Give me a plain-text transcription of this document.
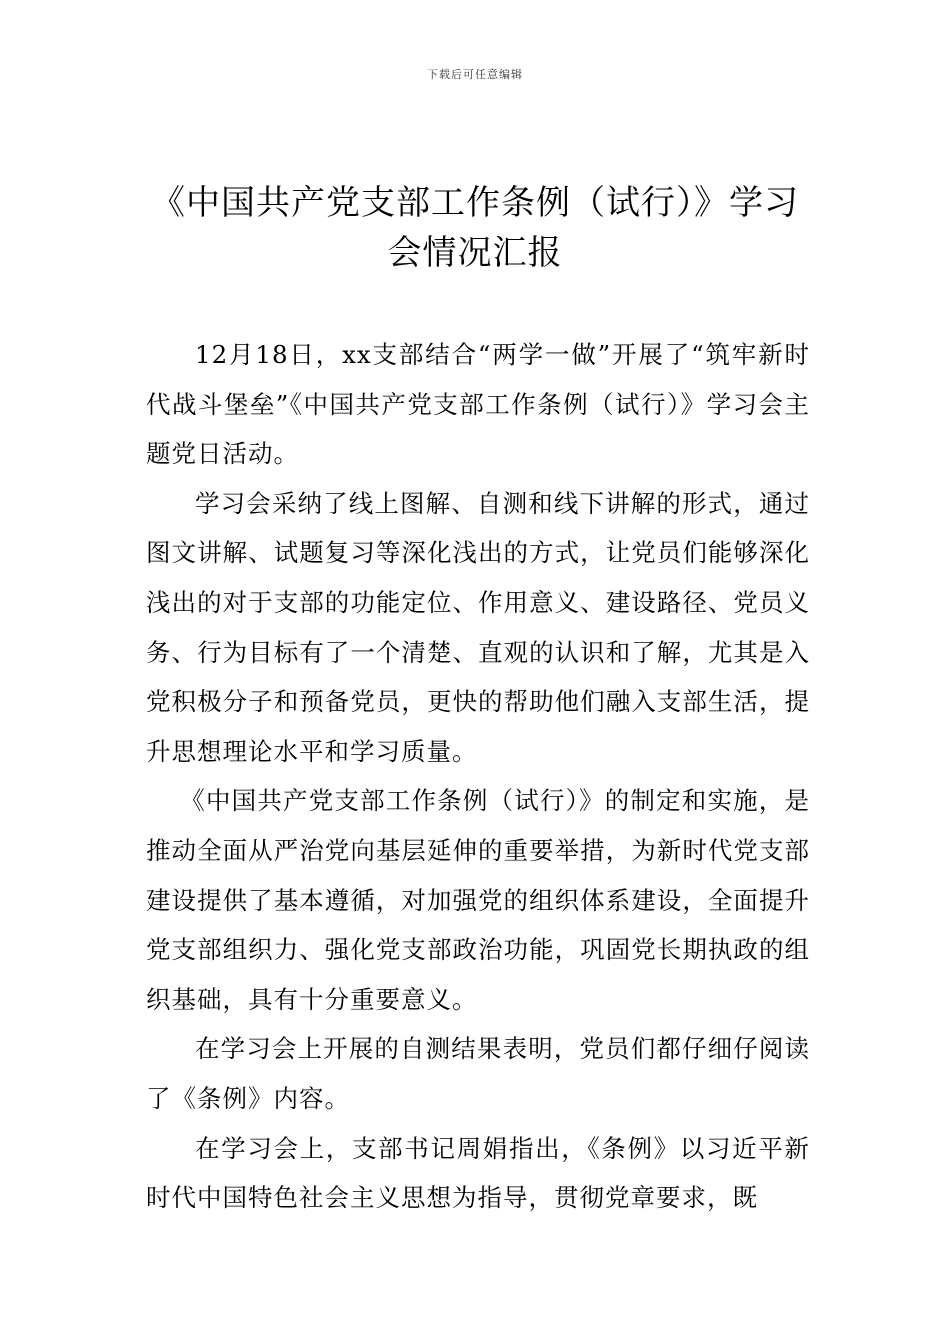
下载后可任意编辑
《中国共产党支部工作条例（试行）》学习会情况汇报

12月18日，xx支部结合“两学一做”开展了“筑牢新时代战斗堡垒”《中国共产党支部工作条例（试行）》学习会主题党日活动。

学习会采纳了线上图解、自测和线下讲解的形式，通过图文讲解、试题复习等深化浅出的方式，让党员们能够深化浅出的对于支部的功能定位、作用意义、建设路径、党员义务、行为目标有了一个清楚、直观的认识和了解，尤其是入党积极分子和预备党员，更快的帮助他们融入支部生活，提升思想理论水平和学习质量。

《中国共产党支部工作条例（试行）》的制定和实施，是推动全面从严治党向基层延伸的重要举措，为新时代党支部建设提供了基本遵循，对加强党的组织体系建设，全面提升党支部组织力、强化党支部政治功能，巩固党长期执政的组织基础，具有十分重要意义。

在学习会上开展的自测结果表明，党员们都仔细仔阅读了《条例》内容。

在学习会上，支部书记周娟指出，《条例》以习近平新时代中国特色社会主义思想为指导，贯彻党章要求，既
